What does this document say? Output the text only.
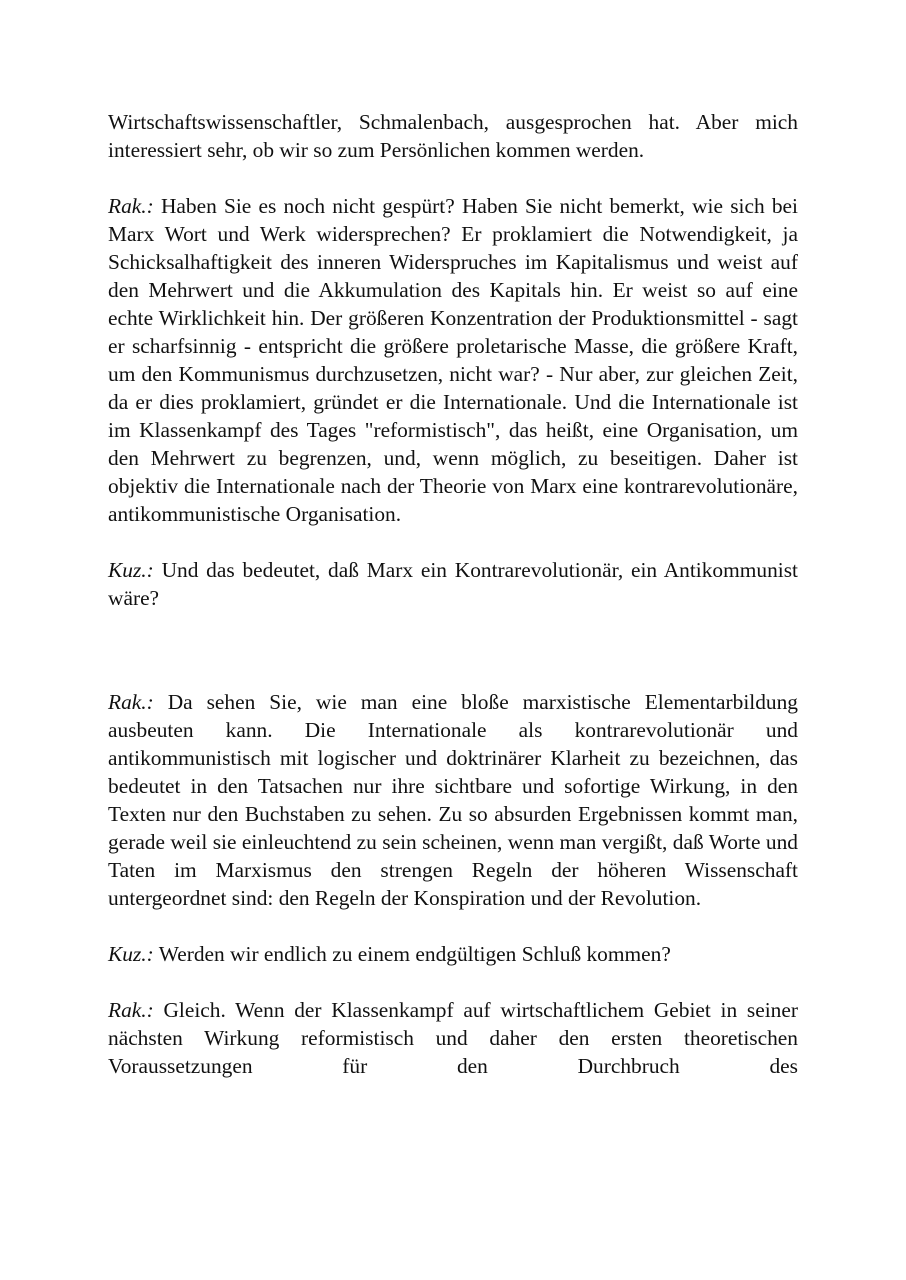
Wirtschaftswissenschaftler, Schmalenbach, ausgesprochen hat. Aber mich interessiert sehr, ob wir so zum Persönlichen kommen werden.

Rak.: Haben Sie es noch nicht gespürt? Haben Sie nicht bemerkt, wie sich bei Marx Wort und Werk widersprechen? Er proklamiert die Notwendigkeit, ja Schicksalhaftigkeit des inneren Widerspruches im Kapitalismus und weist auf den Mehrwert und die Akkumulation des Kapitals hin. Er weist so auf eine echte Wirklichkeit hin. Der größeren Konzentration der Produktionsmittel - sagt er scharfsinnig - entspricht die größere proletarische Masse, die größere Kraft, um den Kommunismus durchzusetzen, nicht war? - Nur aber, zur gleichen Zeit, da er dies proklamiert, gründet er die Internationale. Und die Internationale ist im Klassenkampf des Tages "reformistisch", das heißt, eine Organisation, um den Mehrwert zu begrenzen, und, wenn möglich, zu beseitigen. Daher ist objektiv die Internationale nach der Theorie von Marx eine kontrarevolutionäre, antikommunistische Organisation.

Kuz.: Und das bedeutet, daß Marx ein Kontrarevolutionär, ein Antikommunist wäre?

Rak.: Da sehen Sie, wie man eine bloße marxistische Elementarbildung ausbeuten kann. Die Internationale als kontrarevolutionär und antikommunistisch mit logischer und doktrinärer Klarheit zu bezeichnen, das bedeutet in den Tatsachen nur ihre sichtbare und sofortige Wirkung, in den Texten nur den Buchstaben zu sehen. Zu so absurden Ergebnissen kommt man, gerade weil sie einleuchtend zu sein scheinen, wenn man vergißt, daß Worte und Taten im Marxismus den strengen Regeln der höheren Wissenschaft untergeordnet sind: den Regeln der Konspiration und der Revolution.

Kuz.: Werden wir endlich zu einem endgültigen Schluß kommen?

Rak.: Gleich. Wenn der Klassenkampf auf wirtschaftlichem Gebiet in seiner nächsten Wirkung reformistisch und daher den ersten theoretischen Voraussetzungen für den Durchbruch des
